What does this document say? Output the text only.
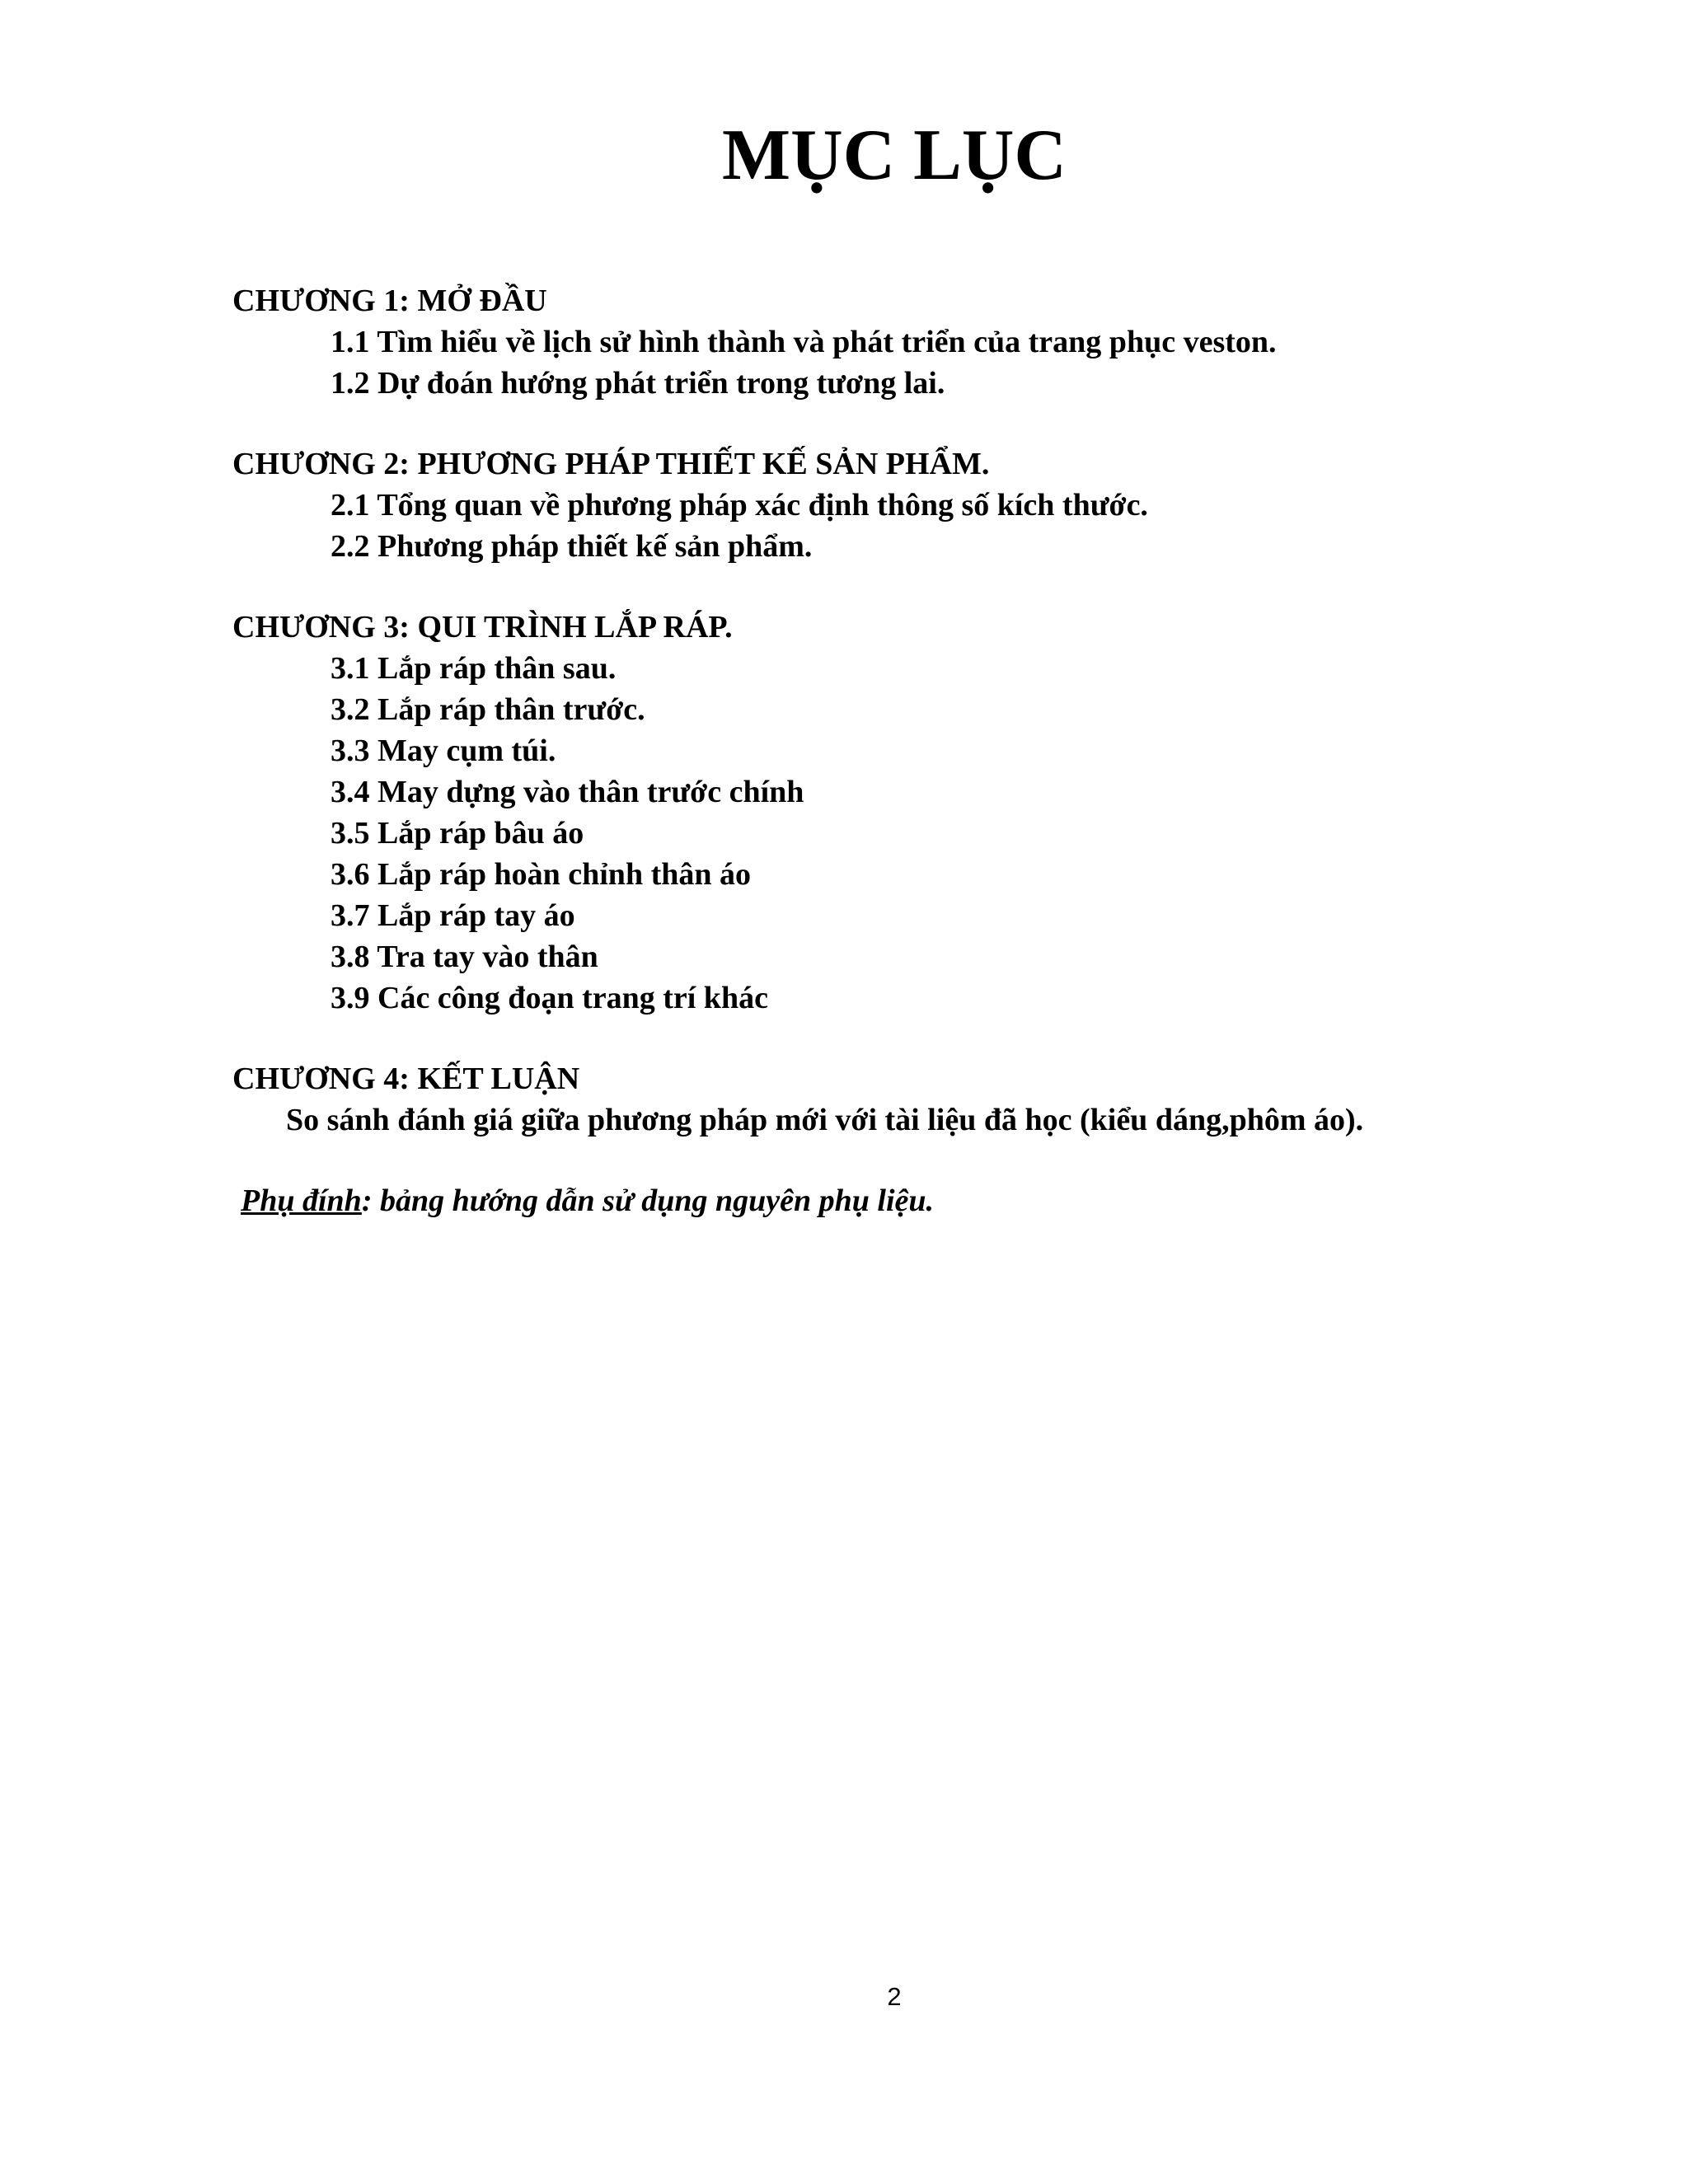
MỤC LỤC

CHƯƠNG 1: MỞ ĐẦU

1.1 Tìm hiểu về lịch sử hình thành và phát triển của trang phục veston.
1.2 Dự đoán hướng phát triển trong tương lai.

CHƯƠNG 2: PHƯƠNG PHÁP THIẾT KẾ SẢN PHẨM.

2.1 Tổng quan về phương pháp xác định thông số kích thước.
2.2 Phương pháp thiết kế sản phẩm.

CHƯƠNG 3: QUI TRÌNH LẮP RÁP.

3.1 Lắp ráp thân sau.
3.2 Lắp ráp thân trước.
3.3 May cụm túi.
3.4 May dựng vào thân trước chính
3.5 Lắp ráp bâu áo
3.6 Lắp ráp hoàn chỉnh thân áo
3.7 Lắp ráp tay áo
3.8 Tra tay vào thân
3.9 Các công đoạn trang trí khác

CHƯƠNG 4: KẾT LUẬN

So sánh đánh giá giữa phương pháp mới với tài liệu đã học (kiểu dáng,phôm áo).

Phụ đính: bảng hướng dẫn sử dụng nguyên phụ liệu.

2
